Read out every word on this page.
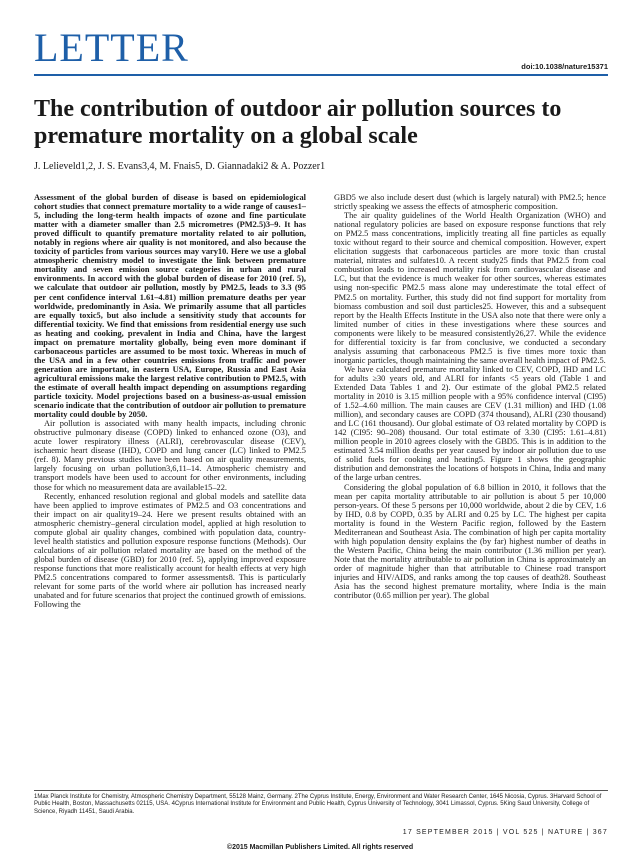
LETTER	doi:10.1038/nature15371
The contribution of outdoor air pollution sources to premature mortality on a global scale
J. Lelieveld1,2, J. S. Evans3,4, M. Fnais5, D. Giannadaki2 & A. Pozzer1

Assessment of the global burden of disease is based on epidemiological cohort studies that connect premature mortality to a wide range of causes1–5, including the long-term health impacts of ozone and fine particulate matter with a diameter smaller than 2.5 micrometres (PM2.5)3–9. It has proved difficult to quantify premature mortality related to air pollution, notably in regions where air quality is not monitored, and also because the toxicity of particles from various sources may vary10. Here we use a global atmospheric chemistry model to investigate the link between premature mortality and seven emission source categories in urban and rural environments. In accord with the global burden of disease for 2010 (ref. 5), we calculate that outdoor air pollution, mostly by PM2.5, leads to 3.3 (95 per cent confidence interval 1.61–4.81) million premature deaths per year worldwide, predominantly in Asia. We primarily assume that all particles are equally toxic5, but also include a sensitivity study that accounts for differential toxicity. We find that emissions from residential energy use such as heating and cooking, prevalent in India and China, have the largest impact on premature mortality globally, being even more dominant if carbonaceous particles are assumed to be most toxic. Whereas in much of the USA and in a few other countries emissions from traffic and power generation are important, in eastern USA, Europe, Russia and East Asia agricultural emissions make the largest relative contribution to PM2.5, with the estimate of overall health impact depending on assumptions regarding particle toxicity. Model projections based on a business-as-usual emission scenario indicate that the contribution of outdoor air pollution to premature mortality could double by 2050.

Air pollution is associated with many health impacts, including chronic obstructive pulmonary disease (COPD) linked to enhanced ozone (O3), and acute lower respiratory illness (ALRI), cerebrovascular disease (CEV), ischaemic heart disease (IHD), COPD and lung cancer (LC) linked to PM2.5 (ref. 8). Many previous studies have been based on air quality measurements, largely focusing on urban pollution3,6,11–14. Atmospheric chemistry and transport models have been used to account for other environments, including those for which no measurement data are available15–22.

Recently, enhanced resolution regional and global models and satellite data have been applied to improve estimates of PM2.5 and O3 concentrations and their impact on air quality19–24. Here we present results obtained with an atmospheric chemistry–general circulation model, applied at high resolution to compute global air quality changes, combined with population data, country-level health statistics and pollution exposure response functions (Methods). Our calculations of air pollution related mortality are based on the method of the global burden of disease (GBD) for 2010 (ref. 5), applying improved exposure response functions that more realistically account for health effects at very high PM2.5 concentrations compared to former assessments8. This is particularly relevant for some parts of the world where air pollution has increased nearly unabated and for future scenarios that project the continued growth of emissions. Following the

GBD5 we also include desert dust (which is largely natural) with PM2.5; hence strictly speaking we assess the effects of atmospheric composition.

The air quality guidelines of the World Health Organization (WHO) and national regulatory policies are based on exposure response functions that rely on PM2.5 mass concentrations, implicitly treating all fine particles as equally toxic without regard to their source and chemical composition. However, expert elicitation suggests that carbonaceous particles are more toxic than crustal material, nitrates and sulfates10. A recent study25 finds that PM2.5 from coal combustion leads to increased mortality risk from cardiovascular disease and LC, but that the evidence is much weaker for other sources, whereas estimates using non-specific PM2.5 mass alone may underestimate the total effect of PM2.5 on mortality. Further, this study did not find support for mortality from biomass combustion and soil dust particles25. However, this and a subsequent report by the Health Effects Institute in the USA also note that there were only a limited number of cities in these investigations where these sources and components were likely to be measured consistently26,27. While the evidence for differential toxicity is far from conclusive, we conducted a secondary analysis assuming that carbonaceous PM2.5 is five times more toxic than inorganic particles, though maintaining the same overall health impact of PM2.5.

We have calculated premature mortality linked to CEV, COPD, IHD and LC for adults ≥30 years old, and ALRI for infants <5 years old (Table 1 and Extended Data Tables 1 and 2). Our estimate of the global PM2.5 related mortality in 2010 is 3.15 million people with a 95% confidence interval (CI95) of 1.52–4.60 million. The main causes are CEV (1.31 million) and IHD (1.08 million), and secondary causes are COPD (374 thousand), ALRI (230 thousand) and LC (161 thousand). Our global estimate of O3 related mortality by COPD is 142 (CI95: 90–208) thousand. Our total estimate of 3.30 (CI95: 1.61–4.81) million people in 2010 agrees closely with the GBD5. This is in addition to the estimated 3.54 million deaths per year caused by indoor air pollution due to use of solid fuels for cooking and heating5. Figure 1 shows the geographic distribution and demonstrates the locations of hotspots in China, India and many of the large urban centres.

Considering the global population of 6.8 billion in 2010, it follows that the mean per capita mortality attributable to air pollution is about 5 per 10,000 person-years. Of these 5 persons per 10,000 worldwide, about 2 die by CEV, 1.6 by IHD, 0.8 by COPD, 0.35 by ALRI and 0.25 by LC. The highest per capita mortality is found in the Western Pacific region, followed by the Eastern Mediterranean and Southeast Asia. The combination of high per capita mortality with high population density explains the (by far) highest number of deaths in the Western Pacific, China being the main contributor (1.36 million per year). Note that the mortality attributable to air pollution in China is approximately an order of magnitude higher than that attributable to Chinese road transport injuries and HIV/AIDS, and ranks among the top causes of death28. Southeast Asia has the second highest premature mortality, where India is the main contributor (0.65 million per year). The global

1Max Planck Institute for Chemistry, Atmospheric Chemistry Department, 55128 Mainz, Germany. 2The Cyprus Institute, Energy, Environment and Water Research Center, 1645 Nicosia, Cyprus. 3Harvard School of Public Health, Boston, Massachusetts 02115, USA. 4Cyprus International Institute for Environment and Public Health, Cyprus University of Technology, 3041 Limassol, Cyprus. 5King Saud University, College of Science, Riyadh 11451, Saudi Arabia.
17 SEPTEMBER 2015 | VOL 525 | NATURE | 367
©2015 Macmillan Publishers Limited. All rights reserved
